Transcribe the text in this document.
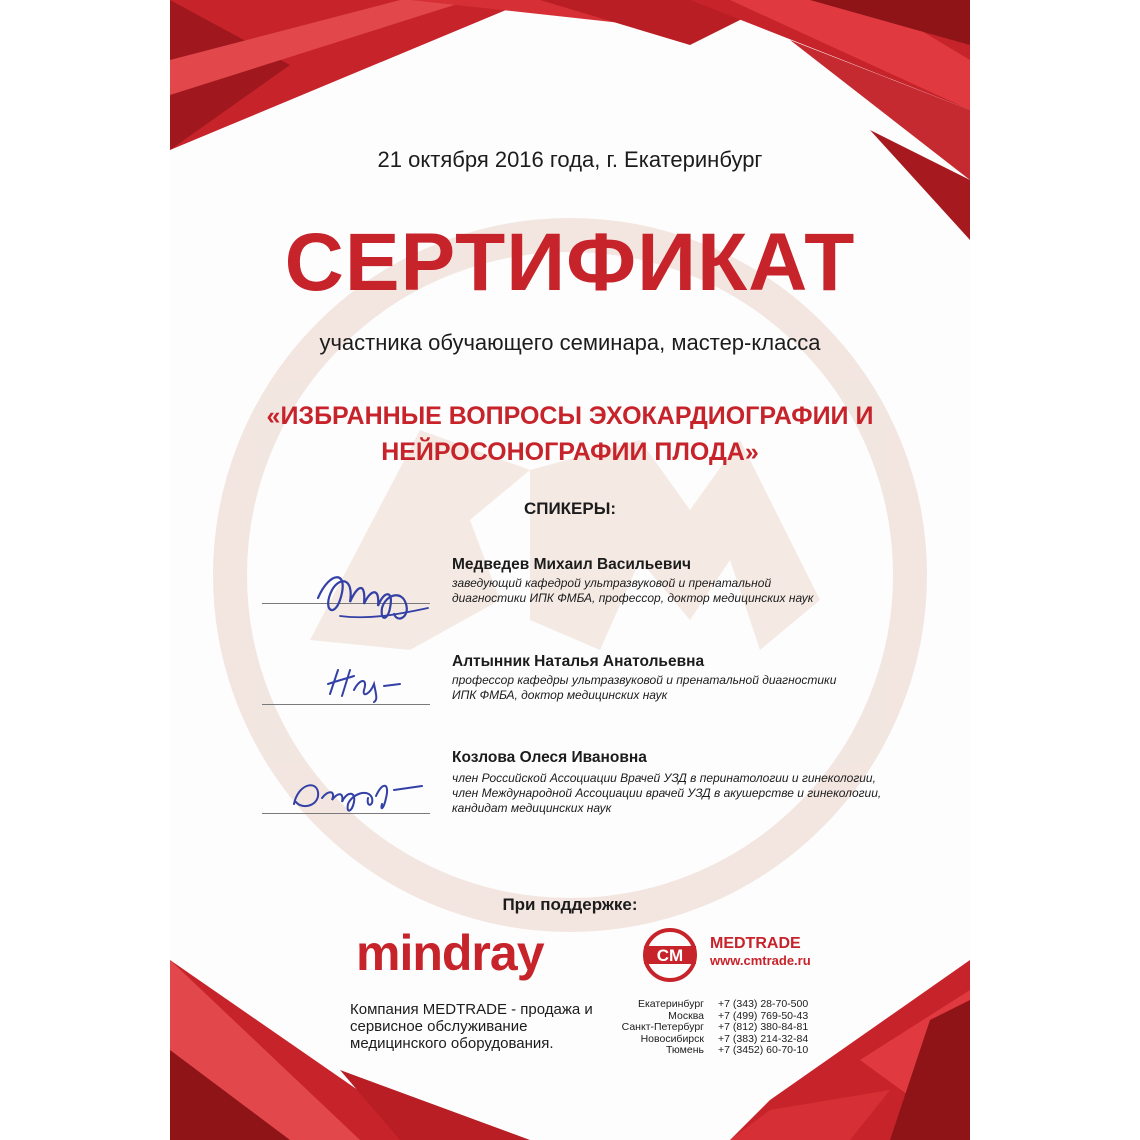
21 октября 2016 года, г. Екатеринбург
СЕРТИФИКАТ
участника обучающего семинара, мастер-класса
«ИЗБРАННЫЕ ВОПРОСЫ ЭХОКАРДИОГРАФИИ И НЕЙРОСОНОГРАФИИ ПЛОДА»
СПИКЕРЫ:
Медведев Михаил Васильевич
заведующий кафедрой ультразвуковой и пренатальной
диагностики ИПК ФМБА, профессор, доктор медицинских наук
Алтынник Наталья Анатольевна
профессор кафедры ультразвуковой и пренатальной диагностики
ИПК ФМБА, доктор медицинских наук
Козлова Олеся Ивановна
член Российской Ассоциации Врачей УЗД в перинатологии и гинекологии,
член Международной Ассоциации врачей УЗД в акушерстве и гинекологии,
кандидат медицинских наук
При поддержке:
mindray	CM
MEDTRADE
www.cmtrade.ru
Компания MEDTRADE - продажа и сервисное обслуживание медицинского оборудования.
Екатеринбург
Москва
Санкт-Петербург
Новосибирск
Тюмень
+7 (343) 28-70-500
+7 (499) 769-50-43
+7 (812) 380-84-81
+7 (383) 214-32-84
+7 (3452) 60-70-10
